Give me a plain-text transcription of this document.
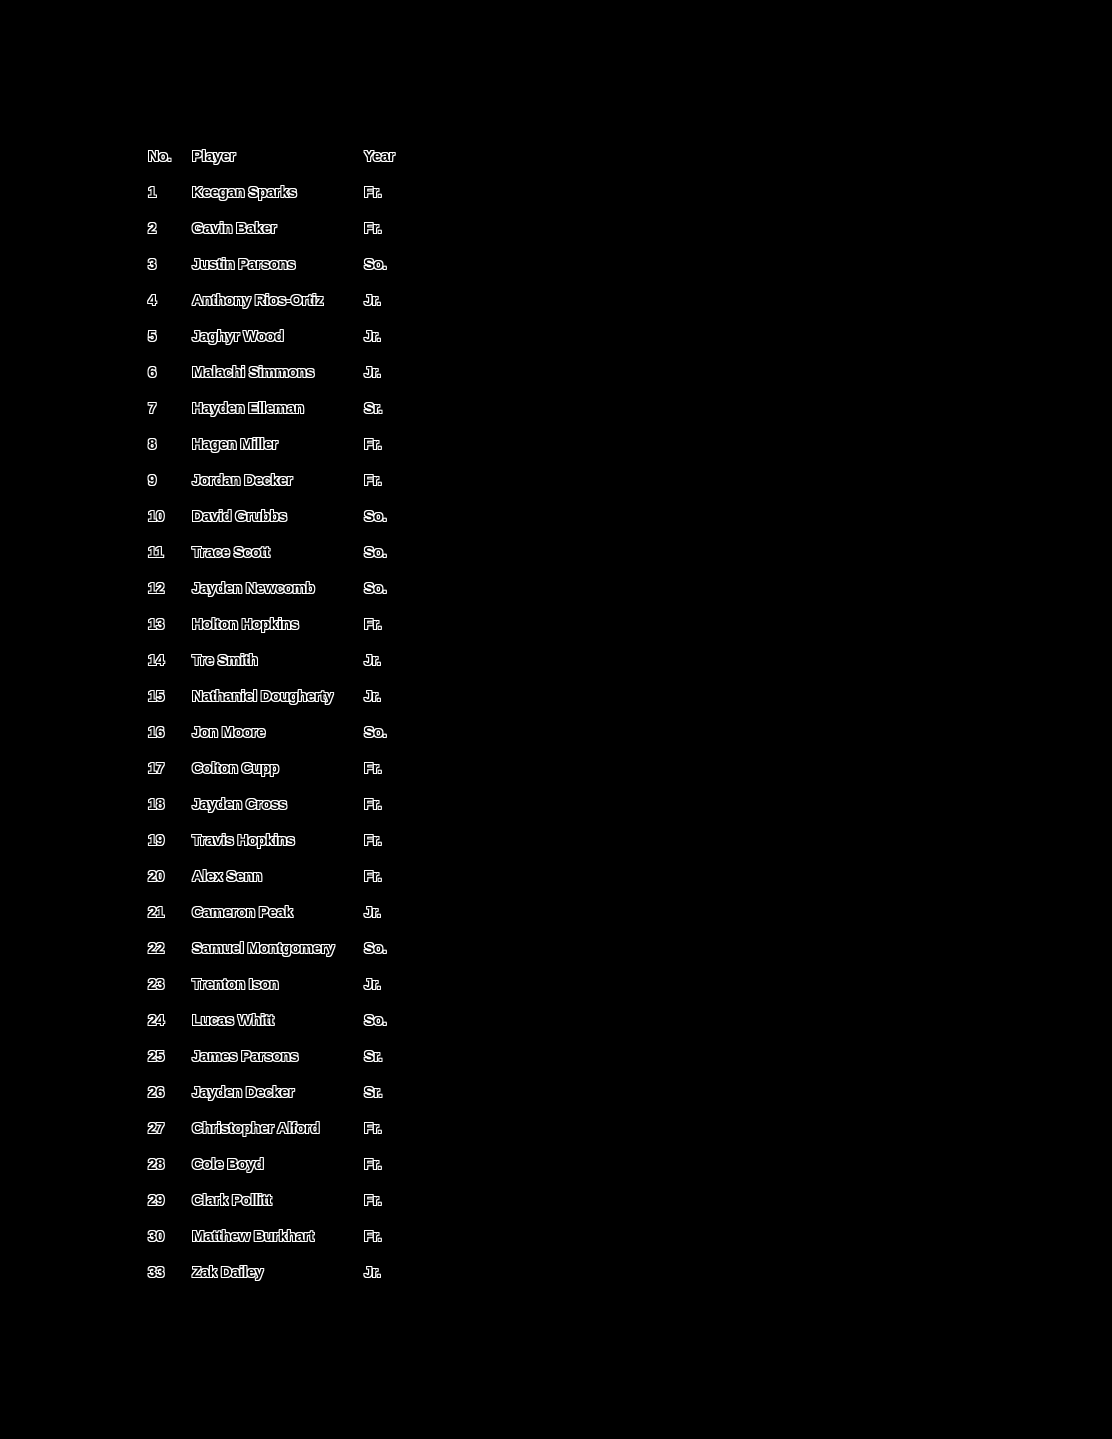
No.	Player	Year
1	Keegan Sparks	Fr.
2	Gavin Baker	Fr.
3	Justin Parsons	So.
4	Anthony Rios-Ortiz	Jr.
5	Jaghyr Wood	Jr.
6	Malachi Simmons	Jr.
7	Hayden Elleman	Sr.
8	Hagen Miller	Fr.
9	Jordan Decker	Fr.
10	David Grubbs	So.
11	Trace Scott	So.
12	Jayden Newcomb	So.
13	Holton Hopkins	Fr.
14	Tre Smith	Jr.
15	Nathaniel Dougherty	Jr.
16	Jon Moore	So.
17	Colton Cupp	Fr.
18	Jayden Cross	Fr.
19	Travis Hopkins	Fr.
20	Alex Senn	Fr.
21	Cameron Peak	Jr.
22	Samuel Montgomery	So.
23	Trenton Ison	Jr.
24	Lucas Whitt	So.
25	James Parsons	Sr.
26	Jayden Decker	Sr.
27	Christopher Alford	Fr.
28	Cole Boyd	Fr.
29	Clark Pollitt	Fr.
30	Matthew Burkhart	Fr.
33	Zak Dailey	Jr.
